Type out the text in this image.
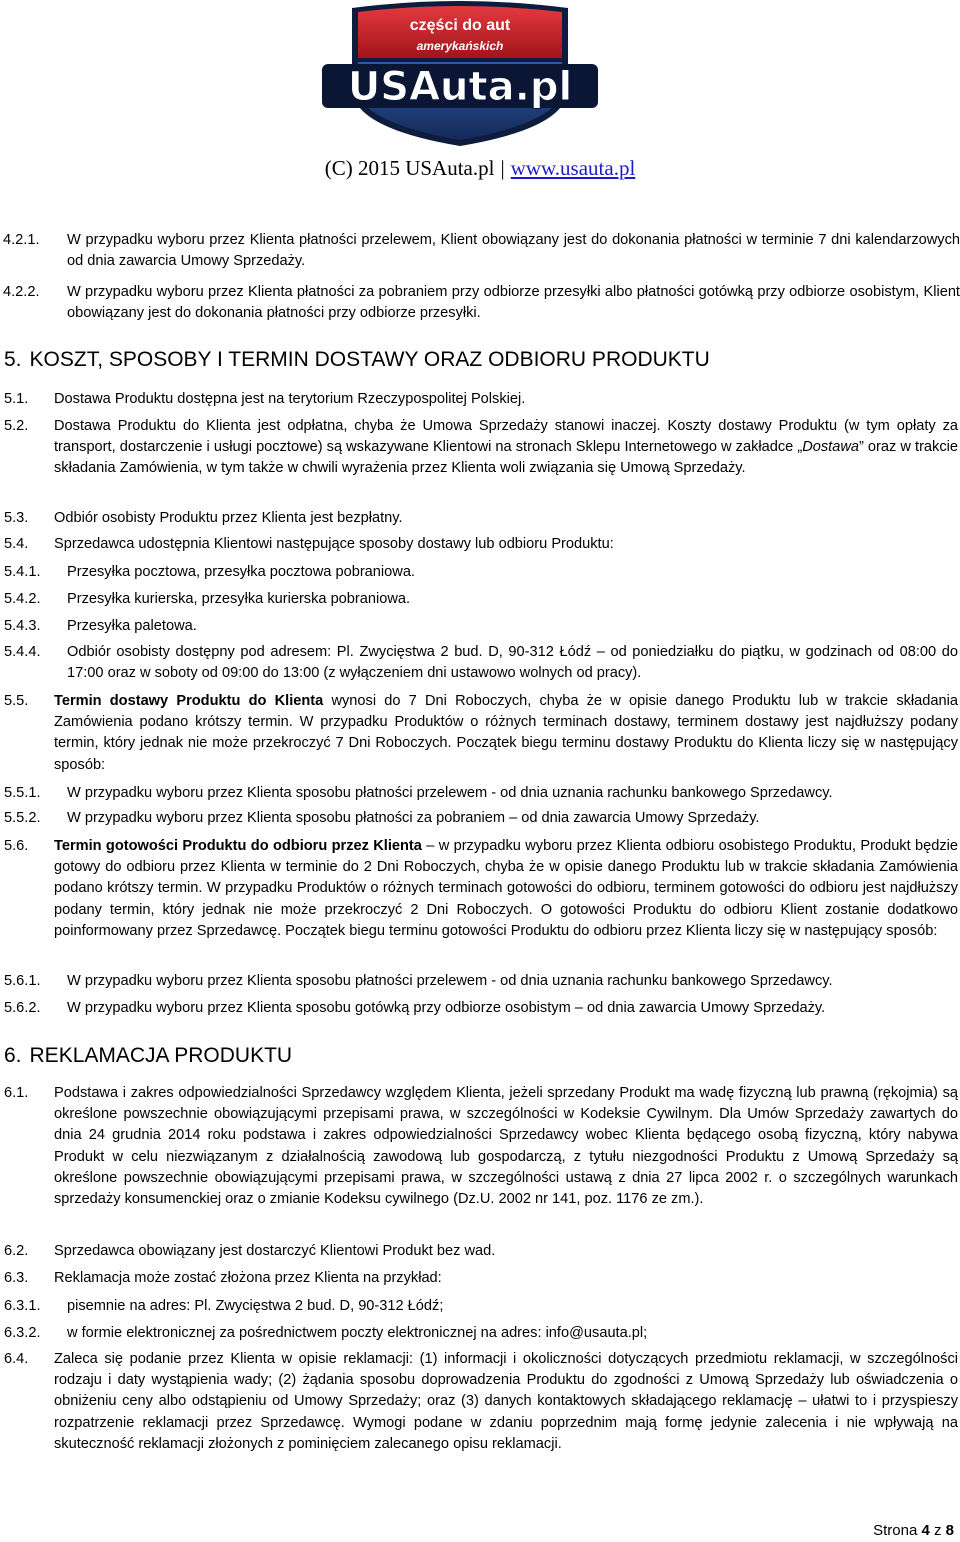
części do aut
amerykańskich
USAuta.pl
(C) 2015 USAuta.pl | www.usauta.pl
4.2.1. W przypadku wyboru przez Klienta płatności przelewem, Klient obowiązany jest do dokonania płatności w terminie 7 dni kalendarzowych od dnia zawarcia Umowy Sprzedaży.
4.2.2. W przypadku wyboru przez Klienta płatności za pobraniem przy odbiorze przesyłki albo płatności gotówką przy odbiorze osobistym, Klient obowiązany jest do dokonania płatności przy odbiorze przesyłki.
5. KOSZT, SPOSOBY I TERMIN DOSTAWY ORAZ ODBIORU PRODUKTU
5.1. Dostawa Produktu dostępna jest na terytorium Rzeczypospolitej Polskiej.
5.2. Dostawa Produktu do Klienta jest odpłatna, chyba że Umowa Sprzedaży stanowi inaczej. Koszty dostawy Produktu (w tym opłaty za transport, dostarczenie i usługi pocztowe) są wskazywane Klientowi na stronach Sklepu Internetowego w zakładce „Dostawa” oraz w trakcie składania Zamówienia, w tym także w chwili wyrażenia przez Klienta woli związania się Umową Sprzedaży.
5.3. Odbiór osobisty Produktu przez Klienta jest bezpłatny.
5.4. Sprzedawca udostępnia Klientowi następujące sposoby dostawy lub odbioru Produktu:
5.4.1. Przesyłka pocztowa, przesyłka pocztowa pobraniowa.
5.4.2. Przesyłka kurierska, przesyłka kurierska pobraniowa.
5.4.3. Przesyłka paletowa.
5.4.4. Odbiór osobisty dostępny pod adresem: Pl. Zwycięstwa 2 bud. D, 90-312 Łódź – od poniedziałku do piątku, w godzinach od 08:00 do 17:00 oraz w soboty od 09:00 do 13:00 (z wyłączeniem dni ustawowo wolnych od pracy).
5.5. Termin dostawy Produktu do Klienta wynosi do 7 Dni Roboczych, chyba że w opisie danego Produktu lub w trakcie składania Zamówienia podano krótszy termin. W przypadku Produktów o różnych terminach dostawy, terminem dostawy jest najdłuższy podany termin, który jednak nie może przekroczyć 7 Dni Roboczych. Początek biegu terminu dostawy Produktu do Klienta liczy się w następujący sposób:
5.5.1. W przypadku wyboru przez Klienta sposobu płatności przelewem - od dnia uznania rachunku bankowego Sprzedawcy.
5.5.2. W przypadku wyboru przez Klienta sposobu płatności za pobraniem – od dnia zawarcia Umowy Sprzedaży.
5.6. Termin gotowości Produktu do odbioru przez Klienta – w przypadku wyboru przez Klienta odbioru osobistego Produktu, Produkt będzie gotowy do odbioru przez Klienta w terminie do 2 Dni Roboczych, chyba że w opisie danego Produktu lub w trakcie składania Zamówienia podano krótszy termin. W przypadku Produktów o różnych terminach gotowości do odbioru, terminem gotowości do odbioru jest najdłuższy podany termin, który jednak nie może przekroczyć 2 Dni Roboczych. O gotowości Produktu do odbioru Klient zostanie dodatkowo poinformowany przez Sprzedawcę. Początek biegu terminu gotowości Produktu do odbioru przez Klienta liczy się w następujący sposób:
5.6.1. W przypadku wyboru przez Klienta sposobu płatności przelewem - od dnia uznania rachunku bankowego Sprzedawcy.
5.6.2. W przypadku wyboru przez Klienta sposobu gotówką przy odbiorze osobistym – od dnia zawarcia Umowy Sprzedaży.
6. REKLAMACJA PRODUKTU
6.1. Podstawa i zakres odpowiedzialności Sprzedawcy względem Klienta, jeżeli sprzedany Produkt ma wadę fizyczną lub prawną (rękojmia) są określone powszechnie obowiązującymi przepisami prawa, w szczególności w Kodeksie Cywilnym. Dla Umów Sprzedaży zawartych do dnia 24 grudnia 2014 roku podstawa i zakres odpowiedzialności Sprzedawcy wobec Klienta będącego osobą fizyczną, który nabywa Produkt w celu niezwiązanym z działalnością zawodową lub gospodarczą, z tytułu niezgodności Produktu z Umową Sprzedaży są określone powszechnie obowiązującymi przepisami prawa, w szczególności ustawą z dnia 27 lipca 2002 r. o szczególnych warunkach sprzedaży konsumenckiej oraz o zmianie Kodeksu cywilnego (Dz.U. 2002 nr 141, poz. 1176 ze zm.).
6.2. Sprzedawca obowiązany jest dostarczyć Klientowi Produkt bez wad.
6.3. Reklamacja może zostać złożona przez Klienta na przykład:
6.3.1. pisemnie na adres: Pl. Zwycięstwa 2 bud. D, 90-312 Łódź;
6.3.2. w formie elektronicznej za pośrednictwem poczty elektronicznej na adres: info@usauta.pl;
6.4. Zaleca się podanie przez Klienta w opisie reklamacji: (1) informacji i okoliczności dotyczących przedmiotu reklamacji, w szczególności rodzaju i daty wystąpienia wady; (2) żądania sposobu doprowadzenia Produktu do zgodności z Umową Sprzedaży lub oświadczenia o obniżeniu ceny albo odstąpieniu od Umowy Sprzedaży; oraz (3) danych kontaktowych składającego reklamację – ułatwi to i przyspieszy rozpatrzenie reklamacji przez Sprzedawcę. Wymogi podane w zdaniu poprzednim mają formę jedynie zalecenia i nie wpływają na skuteczność reklamacji złożonych z pominięciem zalecanego opisu reklamacji.
Strona 4 z 8
